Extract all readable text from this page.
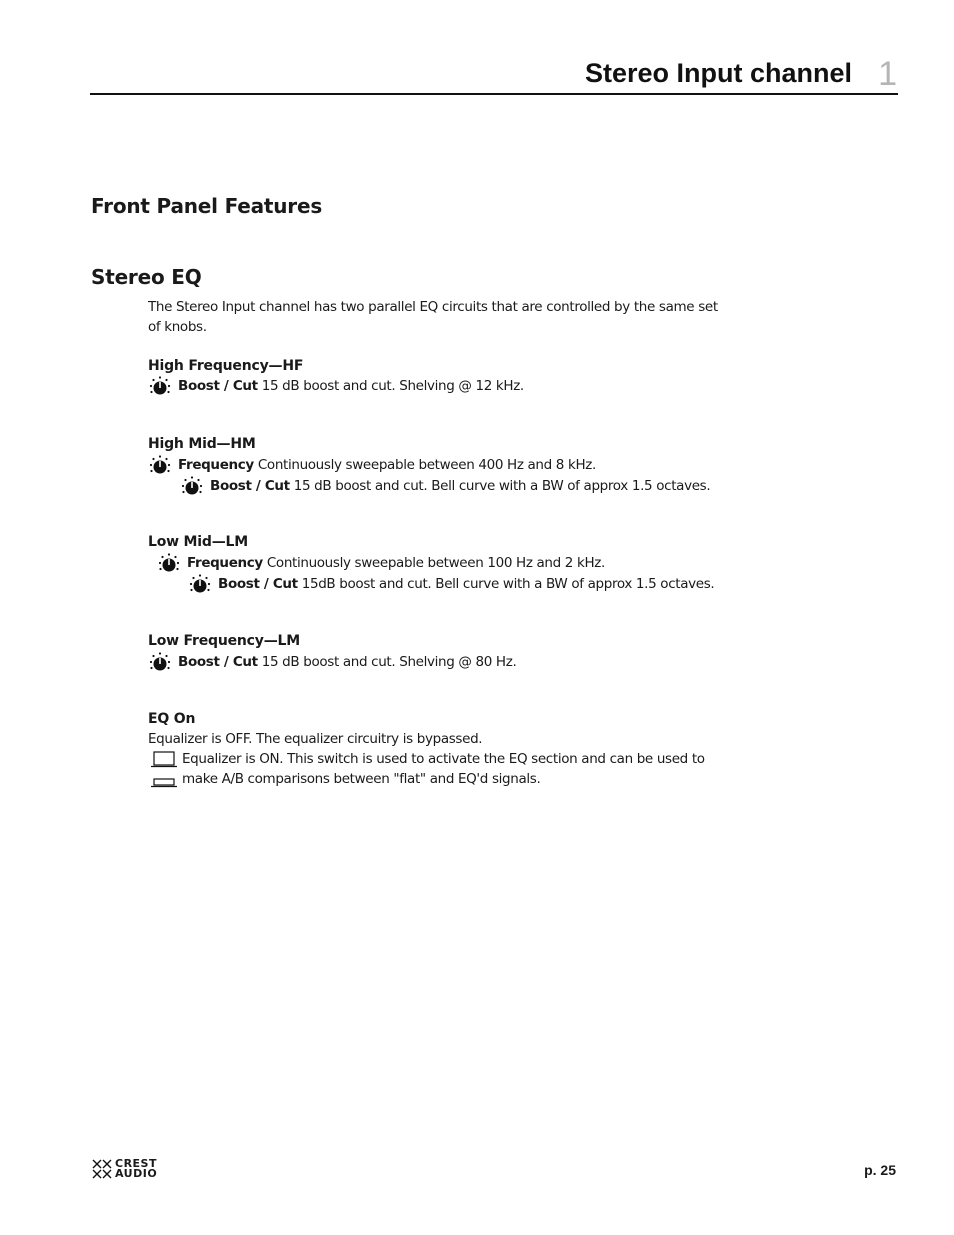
Stereo Input channel 1
Front Panel Features
Stereo EQ
The Stereo Input channel has two parallel EQ circuits that are controlled by the same set of knobs.
High Frequency—HF
Boost / Cut
15 dB boost and cut. Shelving @ 12 kHz.
High Mid—HM
Frequency
Continuously sweepable between 400 Hz and 8 kHz.
Boost / Cut
15 dB boost and cut. Bell curve with a BW of approx 1.5 octaves.
Low Mid—LM
Frequency
Continuously sweepable between 100 Hz and 2 kHz.
Boost / Cut
15dB boost and cut. Bell curve with a BW of approx 1.5 octaves.
Low Frequency—LM
Boost / Cut
15 dB boost and cut. Shelving @ 80 Hz.
EQ On
Equalizer is OFF. The equalizer circuitry is bypassed.
Equalizer is ON. This switch is used to activate the EQ section and can be used to
make A/B comparisons between "flat" and EQ'd signals.
CREST
AUDIO	p. 25
